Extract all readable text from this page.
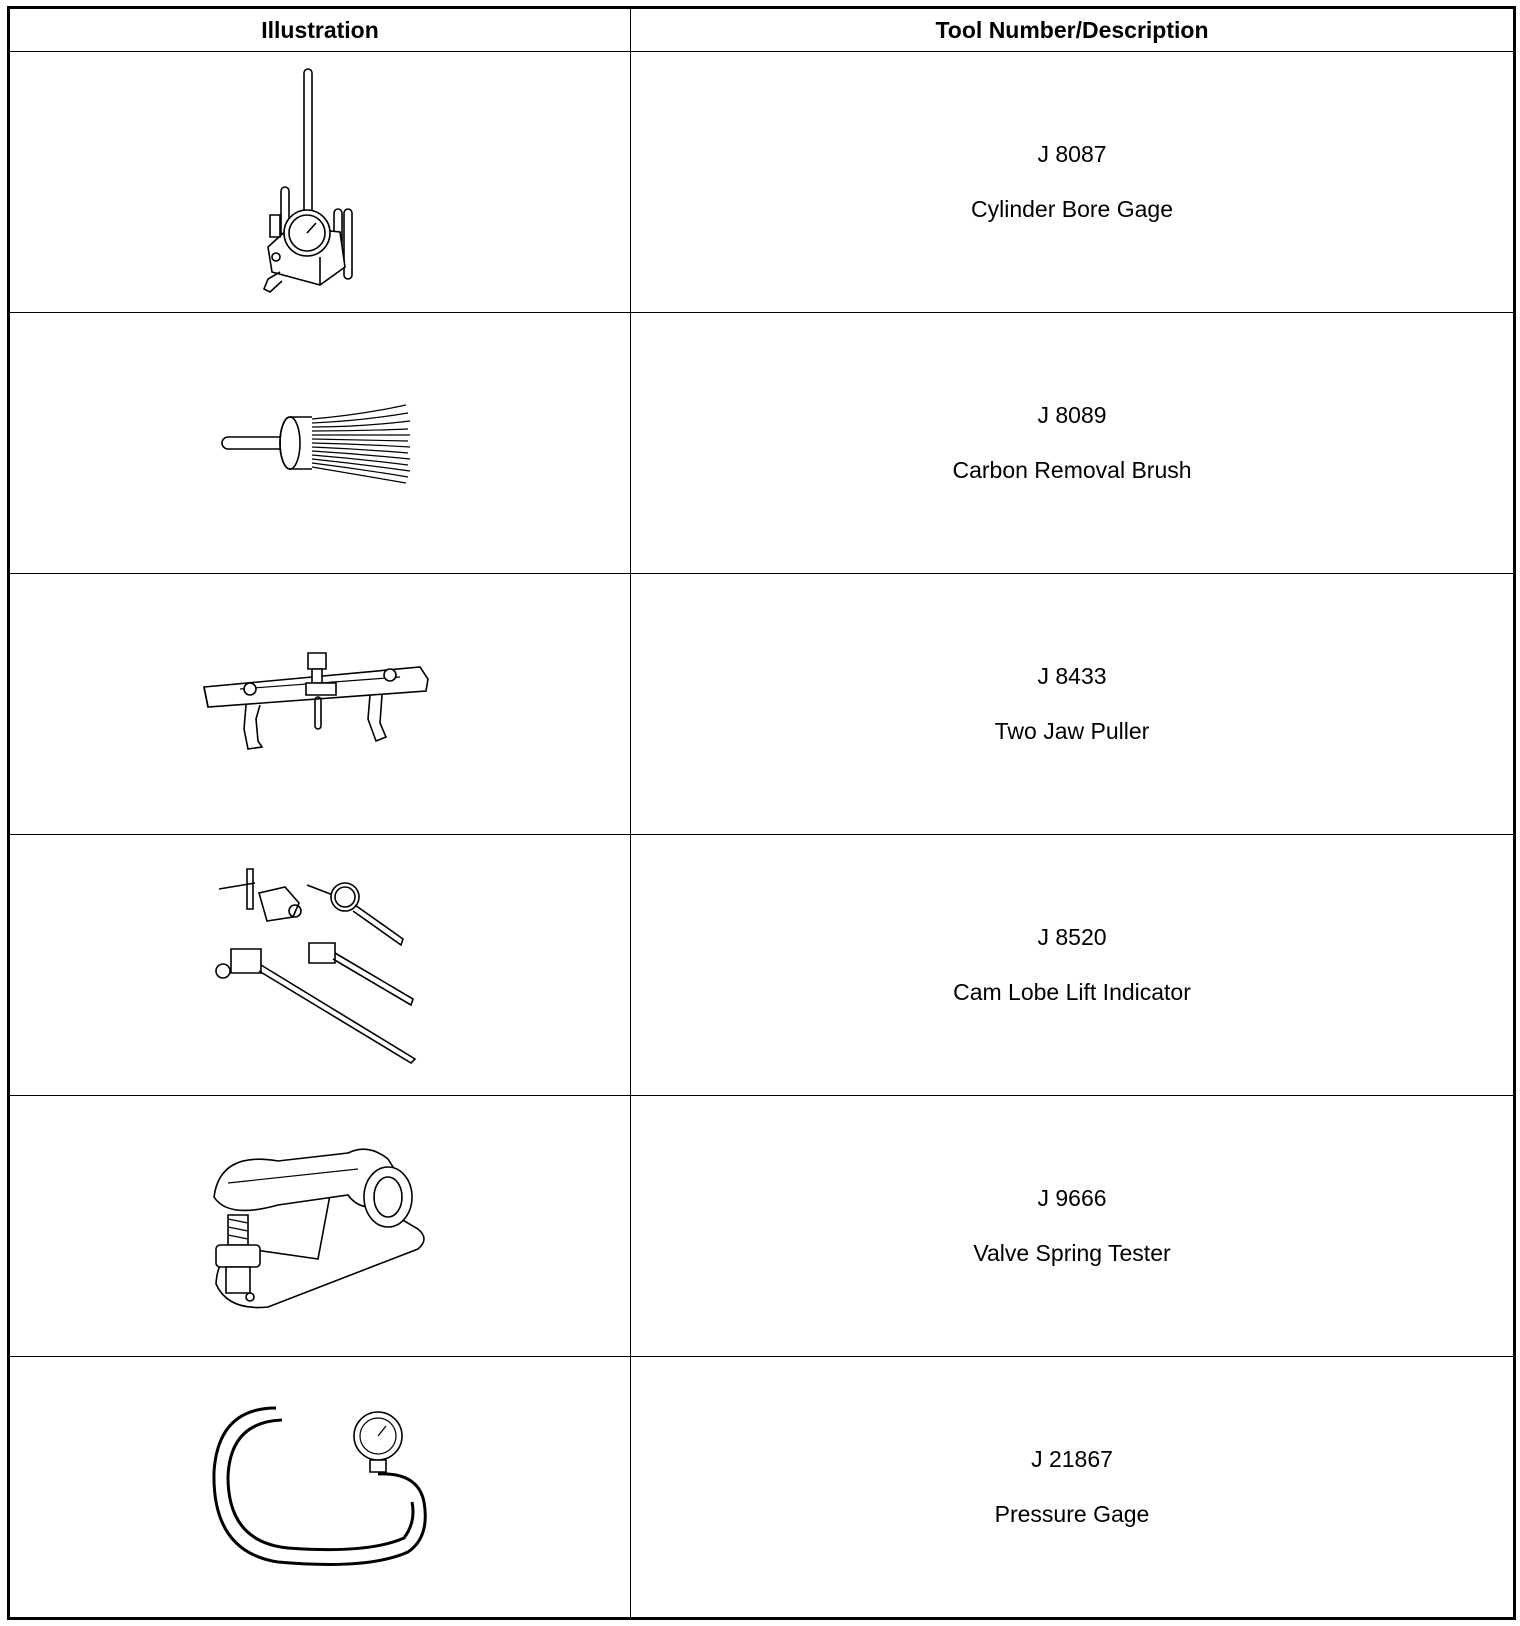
Illustration	Tool Number/Description

J 8087
Cylinder Bore Gage

J 8089
Carbon Removal Brush

J 8433
Two Jaw Puller

J 8520
Cam Lobe Lift Indicator

J 9666
Valve Spring Tester

J 21867
Pressure Gage
